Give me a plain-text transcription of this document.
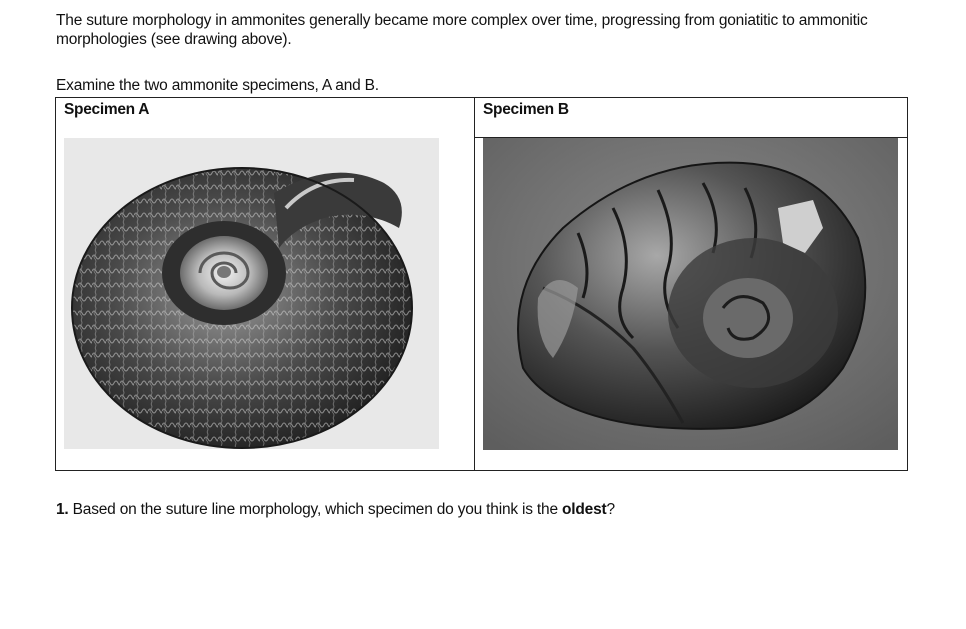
The suture morphology in ammonites generally became more complex over time, progressing from goniatitic to ammonitic
morphologies (see drawing above).

Examine the two ammonite specimens, A and B.

Specimen A	Specimen B

1. Based on the suture line morphology, which specimen do you think is the oldest?
